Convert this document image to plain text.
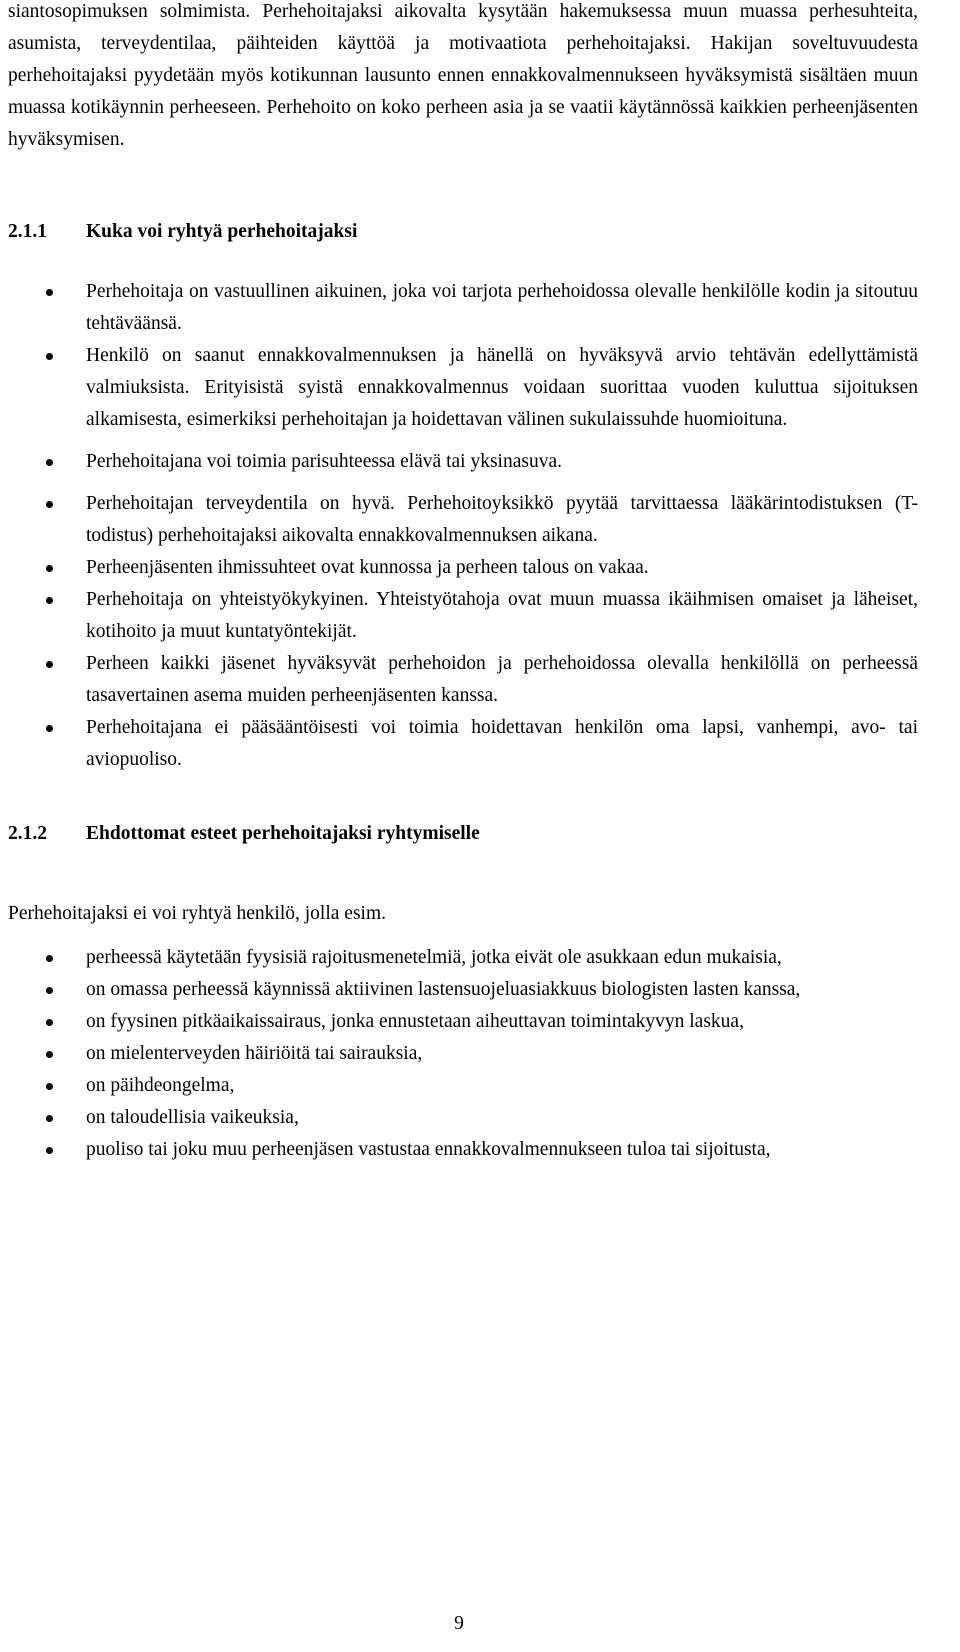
siantosopimuksen solmimista. Perhehoitajaksi aikovalta kysytään hakemuksessa muun muassa perhesuhteita, asumista, terveydentilaa, päihteiden käyttöä ja motivaatiota perhehoitajaksi. Hakijan soveltuvuudesta perhehoitajaksi pyydetään myös kotikunnan lausunto ennen ennakkovalmennukseen hyväksymistä sisältäen muun muassa kotikäynnin perheeseen. Perhehoito on koko perheen asia ja se vaatii käytännössä kaikkien perheenjäsenten hyväksymisen.

2.1.1	Kuka voi ryhtyä perhehoitajaksi
Perhehoitaja on vastuullinen aikuinen, joka voi tarjota perhehoidossa olevalle henkilölle kodin ja sitoutuu tehtäväänsä.
Henkilö on saanut ennakkovalmennuksen ja hänellä on hyväksyvä arvio tehtävän edellyttämistä valmiuksista. Erityisistä syistä ennakkovalmennus voidaan suorittaa vuoden kuluttua sijoituksen alkamisesta, esimerkiksi perhehoitajan ja hoidettavan välinen sukulaissuhde huomioituna.
Perhehoitajana voi toimia parisuhteessa elävä tai yksinasuva.
Perhehoitajan terveydentila on hyvä. Perhehoitoyksikkö pyytää tarvittaessa lääkärintodistuksen (T-todistus) perhehoitajaksi aikovalta ennakkovalmennuksen aikana.
Perheenjäsenten ihmissuhteet ovat kunnossa ja perheen talous on vakaa.
Perhehoitaja on yhteistyökykyinen. Yhteistyötahoja ovat muun muassa ikäihmisen omaiset ja läheiset, kotihoito ja muut kuntatyöntekijät.
Perheen kaikki jäsenet hyväksyvät perhehoidon ja perhehoidossa olevalla henkilöllä on perheessä tasavertainen asema muiden perheenjäsenten kanssa.
Perhehoitajana ei pääsääntöisesti voi toimia hoidettavan henkilön oma lapsi, vanhempi, avo- tai aviopuoliso.
2.1.2	Ehdottomat esteet perhehoitajaksi ryhtymiselle

Perhehoitajaksi ei voi ryhtyä henkilö, jolla esim.

perheessä käytetään fyysisiä rajoitusmenetelmiä, jotka eivät ole asukkaan edun mukaisia,
on omassa perheessä käynnissä aktiivinen lastensuojeluasiakkuus biologisten lasten kanssa,
on fyysinen pitkäaikaissairaus, jonka ennustetaan aiheuttavan toimintakyvyn laskua,
on mielenterveyden häiriöitä tai sairauksia,
on päihdeongelma,
on taloudellisia vaikeuksia,
puoliso tai joku muu perheenjäsen vastustaa ennakkovalmennukseen tuloa tai sijoitusta,
9
